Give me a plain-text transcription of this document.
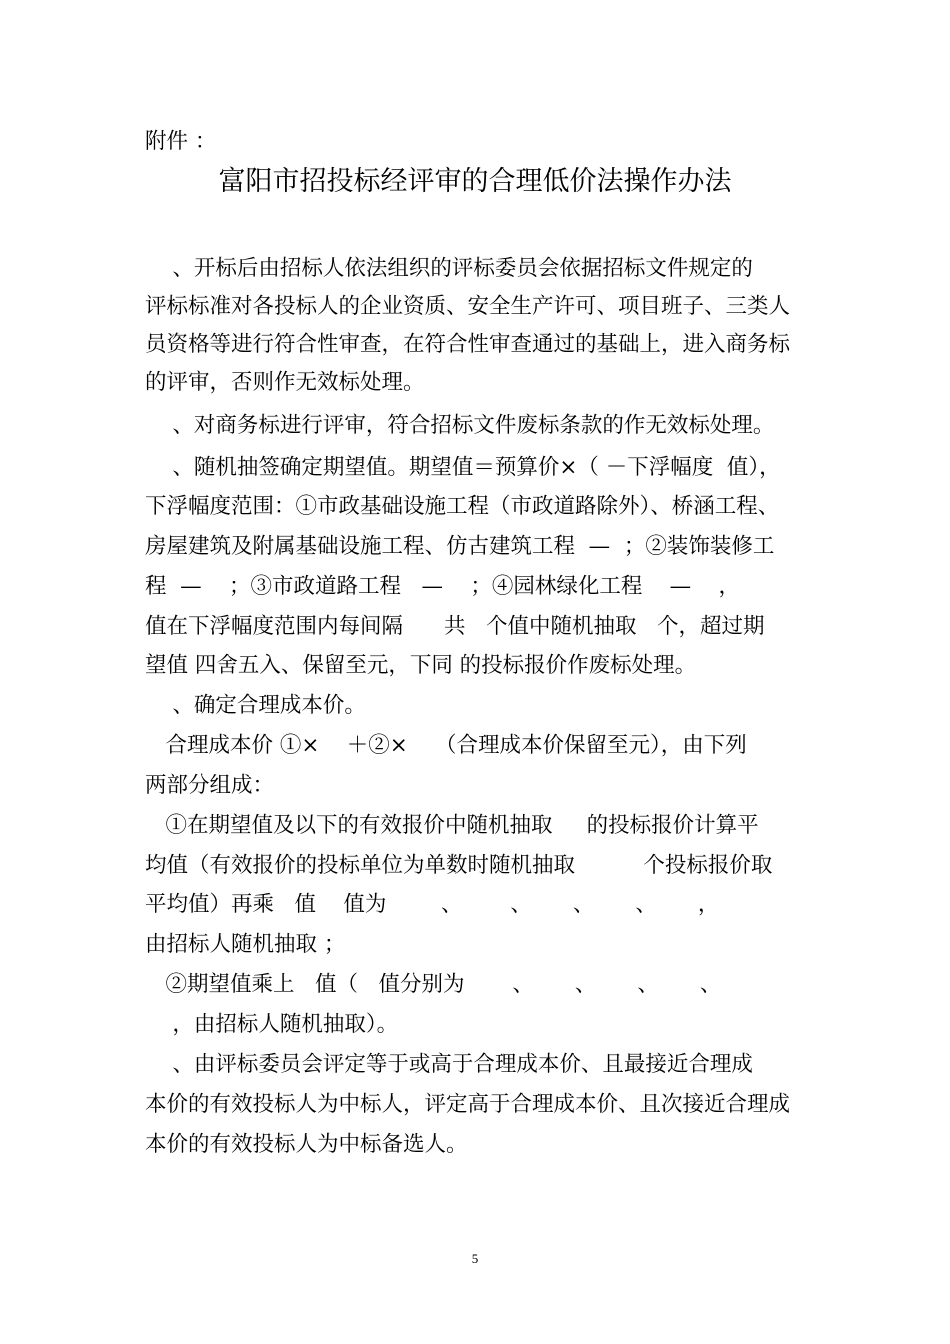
附件 ：
富阳市招投标经评审的合理低价法操作办法
、开标后由招标人依法组织的评标委员会依据招标文件规定的
评标标准对各投标人的企业资质、安全生产许可、项目班子、三类人
员资格等进行符合性审查，在符合性审查通过的基础上，进入商务标
的评审，否则作无效标处理。
、对商务标进行评审，符合招标文件废标条款的作无效标处理。
、随机抽签确定期望值。期望值＝预算价×（ －下浮幅度  值），
下浮幅度范围：①市政基础设施工程（市政道路除外）、桥涵工程、
房屋建筑及附属基础设施工程、仿古建筑工程  —  ；②装饰装修工
程  —    ；③市政道路工程   —    ；④园林绿化工程    —    ，
值在下浮幅度范围内每间隔      共   个值中随机抽取   个，超过期
望值 四舍五入、保留至元，下同 的投标报价作废标处理。
、确定合理成本价。
合理成本价 ①×    ＋②×    （合理成本价保留至元），由下列
两部分组成：
①在期望值及以下的有效报价中随机抽取     的投标报价计算平
均值（有效报价的投标单位为单数时随机抽取          个投标报价取
平均值）再乘   值    值为        、       、      、      、      ，
由招标人随机抽取 ；
②期望值乘上   值（   值分别为       、      、      、      、
，由招标人随机抽取）。
、由评标委员会评定等于或高于合理成本价、且最接近合理成
本价的有效投标人为中标人，评定高于合理成本价、且次接近合理成
本价的有效投标人为中标备选人。
5
